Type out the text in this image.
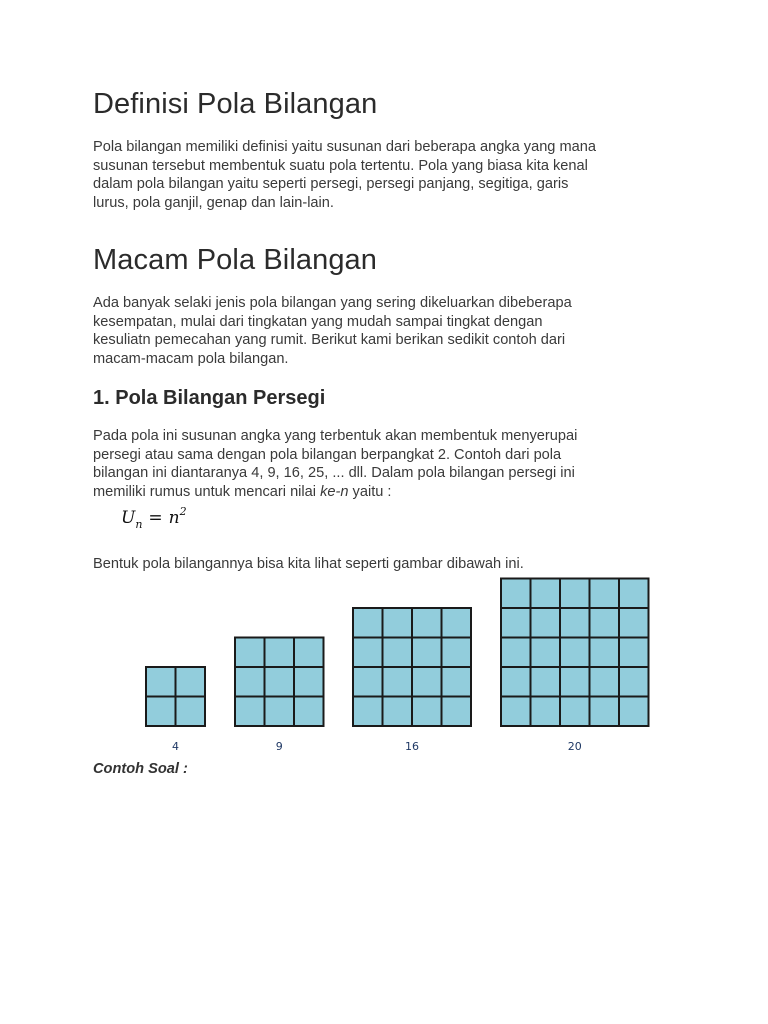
Definisi Pola Bilangan

Pola bilangan memiliki definisi yaitu susunan dari beberapa angka yang mana
susunan tersebut membentuk suatu pola tertentu. Pola yang biasa kita kenal
dalam pola bilangan yaitu seperti persegi, persegi panjang, segitiga, garis
lurus, pola ganjil, genap dan lain-lain.

Macam Pola Bilangan

Ada banyak selaki jenis pola bilangan yang sering dikeluarkan dibeberapa
kesempatan, mulai dari tingkatan yang mudah sampai tingkat dengan
kesuliatn pemecahan yang rumit. Berikut kami berikan sedikit contoh dari
macam-macam pola bilangan.

1. Pola Bilangan Persegi

Pada pola ini susunan angka yang terbentuk akan membentuk menyerupai
persegi atau sama dengan pola bilangan berpangkat 2. Contoh dari pola
bilangan ini diantaranya 4, 9, 16, 25, ... dll. Dalam pola bilangan persegi ini
memiliki rumus untuk mencari nilai ke-n yaitu :

$U_n = n^2$

Bentuk pola bilangannya bisa kita lihat seperti gambar dibawah ini.

4	9	16	20
Contoh Soal :
